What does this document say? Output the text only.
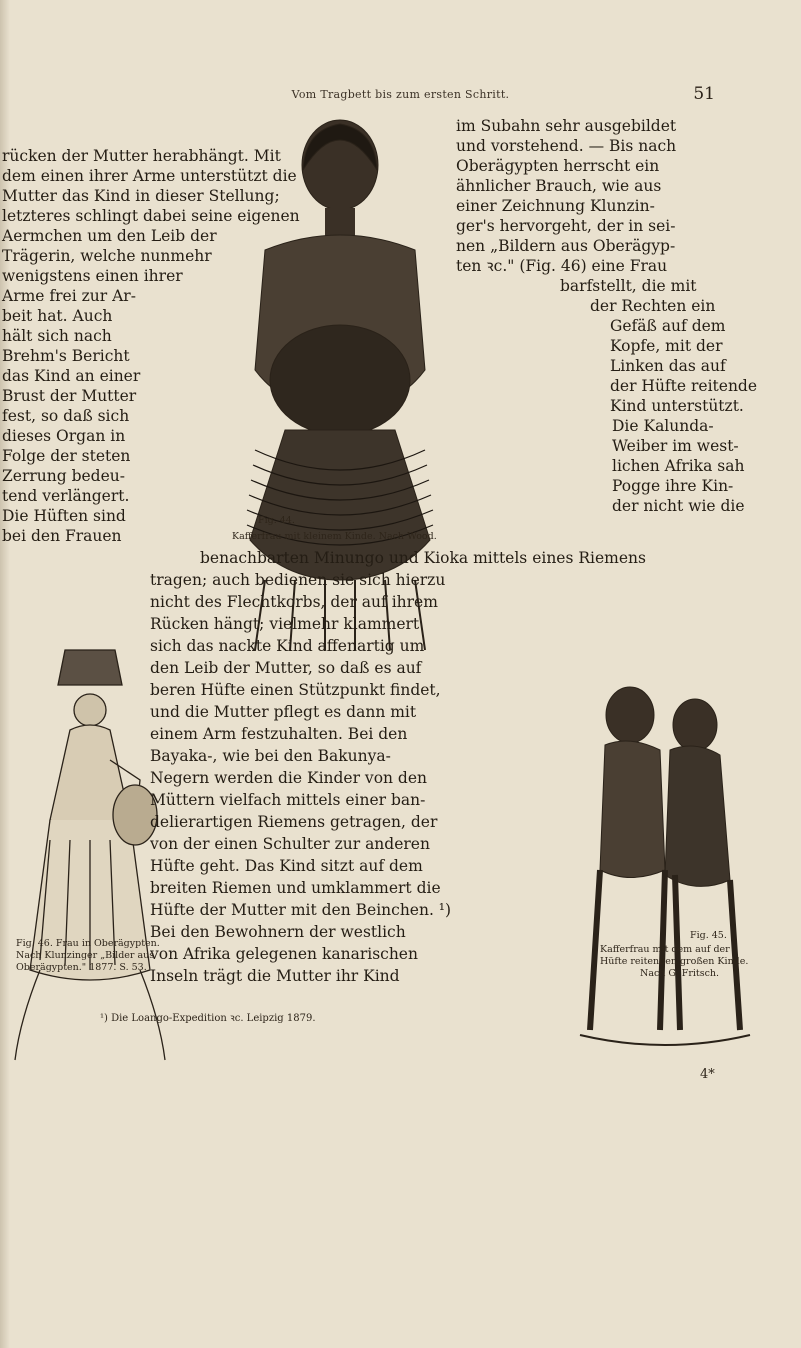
Vom Tragbett bis zum ersten Schritt.	51
rücken der Mutter herabhängt. Mit
dem einen ihrer Arme unterstützt die
Mutter das Kind in dieser Stellung;
letzteres schlingt dabei seine eigenen
Aermchen um den Leib der
Trägerin, welche nunmehr
wenigstens einen ihrer
Arme frei zur Ar-
beit hat. Auch
hält sich nach
Brehm's Bericht
das Kind an einer
Brust der Mutter
fest, so daß sich
dieses Organ in
Folge der steten
Zerrung bedeu-
tend verlängert.
Die Hüften sind
bei den Frauen
im Subahn sehr ausgebildet
und vorstehend. — Bis nach
Oberägypten herrscht ein
ähnlicher Brauch, wie aus
einer Zeichnung Klunzin-
ger's hervorgeht, der in sei-
nen „Bildern aus Oberägyp-
ten ꝛc." (Fig. 46) eine Frau
barfstellt, die mit
der Rechten ein
Gefäß auf dem
Kopfe, mit der
Linken das auf
der Hüfte reitende
Kind unterstützt.
Die Kalunda-
Weiber im west-
lichen Afrika sah
Pogge ihre Kin-
der nicht wie die
Fig. 44.
Kafferfrau mit kleinem Kinde. Nach Wood.
benachbarten Minungo und Kioka mittels eines Riemens
tragen; auch bedienen sie sich hierzu
nicht des Flechtkorbs, der auf ihrem
Rücken hängt; vielmehr klammert
sich das nackte Kind affenartig um
den Leib der Mutter, so daß es auf
beren Hüfte einen Stützpunkt findet,
und die Mutter pflegt es dann mit
einem Arm festzuhalten. Bei den
Bayaka-, wie bei den Bakunya-
Negern werden die Kinder von den
Müttern vielfach mittels einer ban-
delierartigen Riemens getragen, der
von der einen Schulter zur anderen
Hüfte geht. Das Kind sitzt auf dem
breiten Riemen und umklammert die
Hüfte der Mutter mit den Beinchen. ¹)
Bei den Bewohnern der westlich
von Afrika gelegenen kanarischen
Inseln trägt die Mutter ihr Kind
Fig. 46. Frau in Oberägypten.
Nach Klunzinger „Bilder aus
Oberägypten." 1877. S. 53.
Fig. 45.
Kafferfrau mit dem auf der
Hüfte reitenden großen Kinde.
Nach G. Fritsch.
¹) Die Loango-Expedition ꝛc. Leipzig 1879.
4*
